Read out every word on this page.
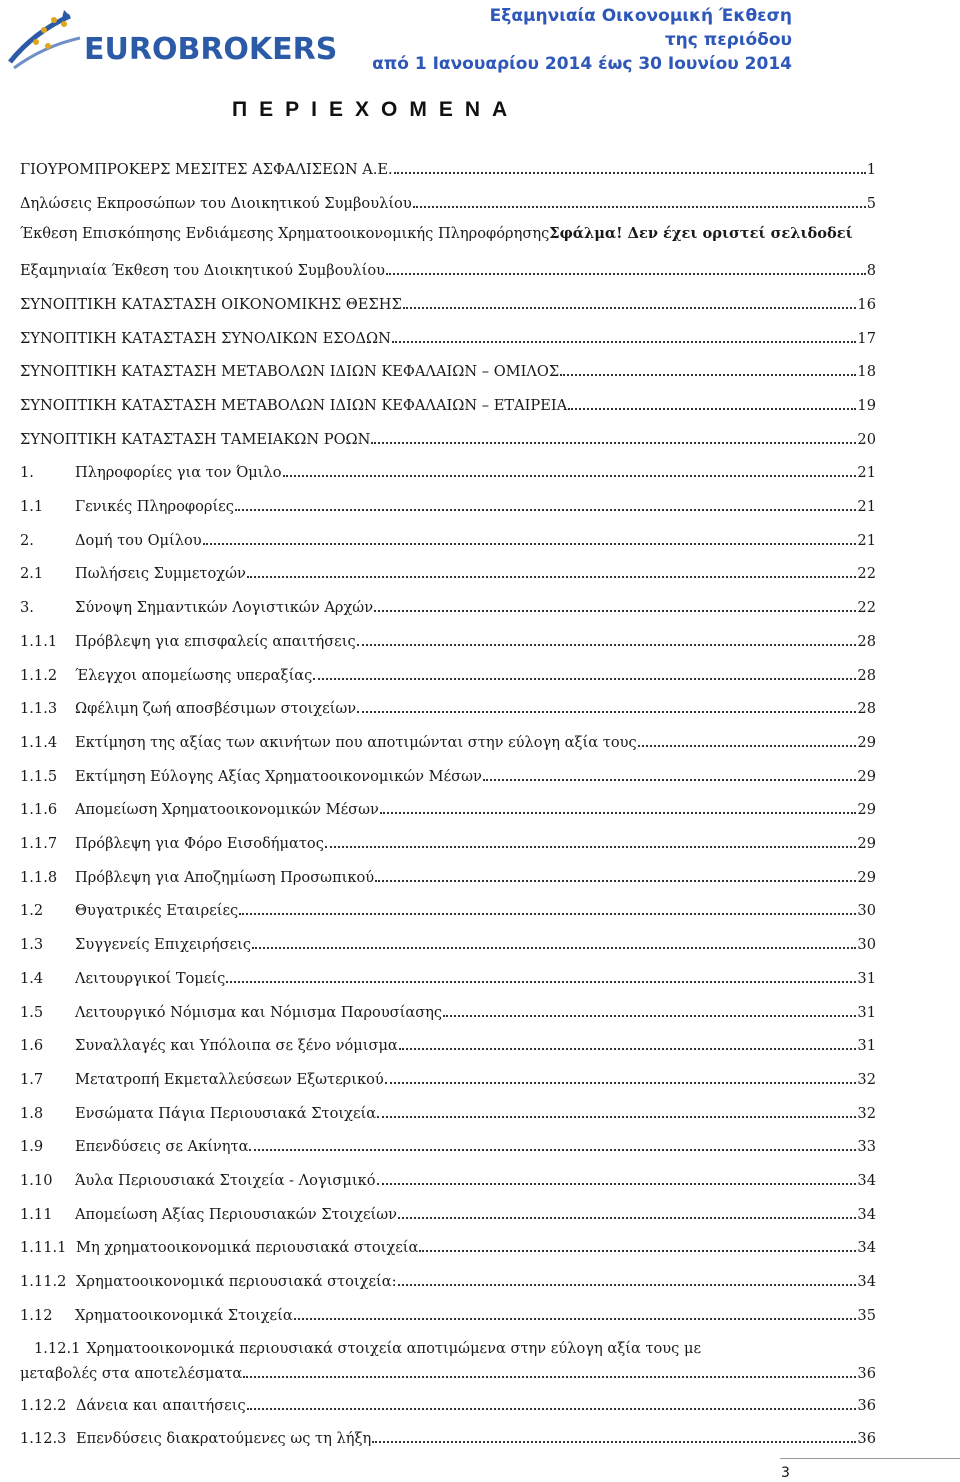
EUROBROKERS
Εξαμηνιαία Οικονομική Έκθεση
της περιόδου
από 1 Ιανουαρίου 2014 έως 30 Ιουνίου 2014
ΠΕΡΙΕΧΟΜΕΝΑ
ΓΙΟΥΡΟΜΠΡΟΚΕΡΣ ΜΕΣΙΤΕΣ ΑΣΦΑΛΙΣΕΩΝ Α.Ε.	1
Δηλώσεις Εκπροσώπων του Διοικητικού Συμβουλίου	5
Έκθεση Επισκόπησης Ενδιάμεσης Χρηματοοικονομικής Πληροφόρησης Σφάλμα! Δεν έχει οριστεί σελιδοδεί
Εξαμηνιαία Έκθεση του Διοικητικού Συμβουλίου	8
ΣΥΝΟΠΤΙΚΗ ΚΑΤΑΣΤΑΣΗ ΟΙΚΟΝΟΜΙΚΗΣ ΘΕΣΗΣ	16
ΣΥΝΟΠΤΙΚΗ ΚΑΤΑΣΤΑΣΗ ΣΥΝΟΛΙΚΩΝ ΕΣΟΔΩΝ	17
ΣΥΝΟΠΤΙΚΗ ΚΑΤΑΣΤΑΣΗ ΜΕΤΑΒΟΛΩΝ ΙΔΙΩΝ ΚΕΦΑΛΑΙΩΝ – ΟΜΙΛΟΣ	18
ΣΥΝΟΠΤΙΚΗ ΚΑΤΑΣΤΑΣΗ ΜΕΤΑΒΟΛΩΝ ΙΔΙΩΝ ΚΕΦΑΛΑΙΩΝ – ΕΤΑΙΡΕΙΑ	19
ΣΥΝΟΠΤΙΚΗ ΚΑΤΑΣΤΑΣΗ ΤΑΜΕΙΑΚΩΝ ΡΟΩΝ	20
1.	Πληροφορίες για τον Όμιλο	21
1.1	Γενικές Πληροφορίες	21
2.	Δομή του Ομίλου	21
2.1	Πωλήσεις Συμμετοχών	22
3.	Σύνοψη Σημαντικών Λογιστικών Αρχών	22
1.1.1	Πρόβλεψη για επισφαλείς απαιτήσεις	28
1.1.2	Έλεγχοι απομείωσης υπεραξίας	28
1.1.3	Ωφέλιμη ζωή αποσβέσιμων στοιχείων	28
1.1.4	Εκτίμηση της αξίας των ακινήτων που αποτιμώνται στην εύλογη αξία τους	29
1.1.5	Εκτίμηση Εύλογης Αξίας Χρηματοοικονομικών Μέσων	29
1.1.6	Απομείωση Χρηματοοικονομικών Μέσων	29
1.1.7	Πρόβλεψη για Φόρο Εισοδήματος	29
1.1.8	Πρόβλεψη για Αποζημίωση Προσωπικού	29
1.2	Θυγατρικές Εταιρείες	30
1.3	Συγγενείς Επιχειρήσεις	30
1.4	Λειτουργικοί Τομείς	31
1.5	Λειτουργικό Νόμισμα και Νόμισμα Παρουσίασης	31
1.6	Συναλλαγές και Υπόλοιπα σε ξένο νόμισμα	31
1.7	Μετατροπή Εκμεταλλεύσεων Εξωτερικού	32
1.8	Ενσώματα Πάγια Περιουσιακά Στοιχεία	32
1.9	Επενδύσεις σε Ακίνητα	33
1.10	Άυλα Περιουσιακά Στοιχεία - Λογισμικό	34
1.11	Απομείωση Αξίας Περιουσιακών Στοιχείων	34
1.11.1 Μη χρηματοοικονομικά περιουσιακά στοιχεία	34
1.11.2 Χρηματοοικονομικά περιουσιακά στοιχεία:	34
1.12	Χρηματοοικονομικά Στοιχεία	35
1.12.1 Χρηματοοικονομικά περιουσιακά στοιχεία αποτιμώμενα στην εύλογη αξία τους με
μεταβολές στα αποτελέσματα	36
1.12.2 Δάνεια και απαιτήσεις	36
1.12.3 Επενδύσεις διακρατούμενες ως τη λήξη	36
3
